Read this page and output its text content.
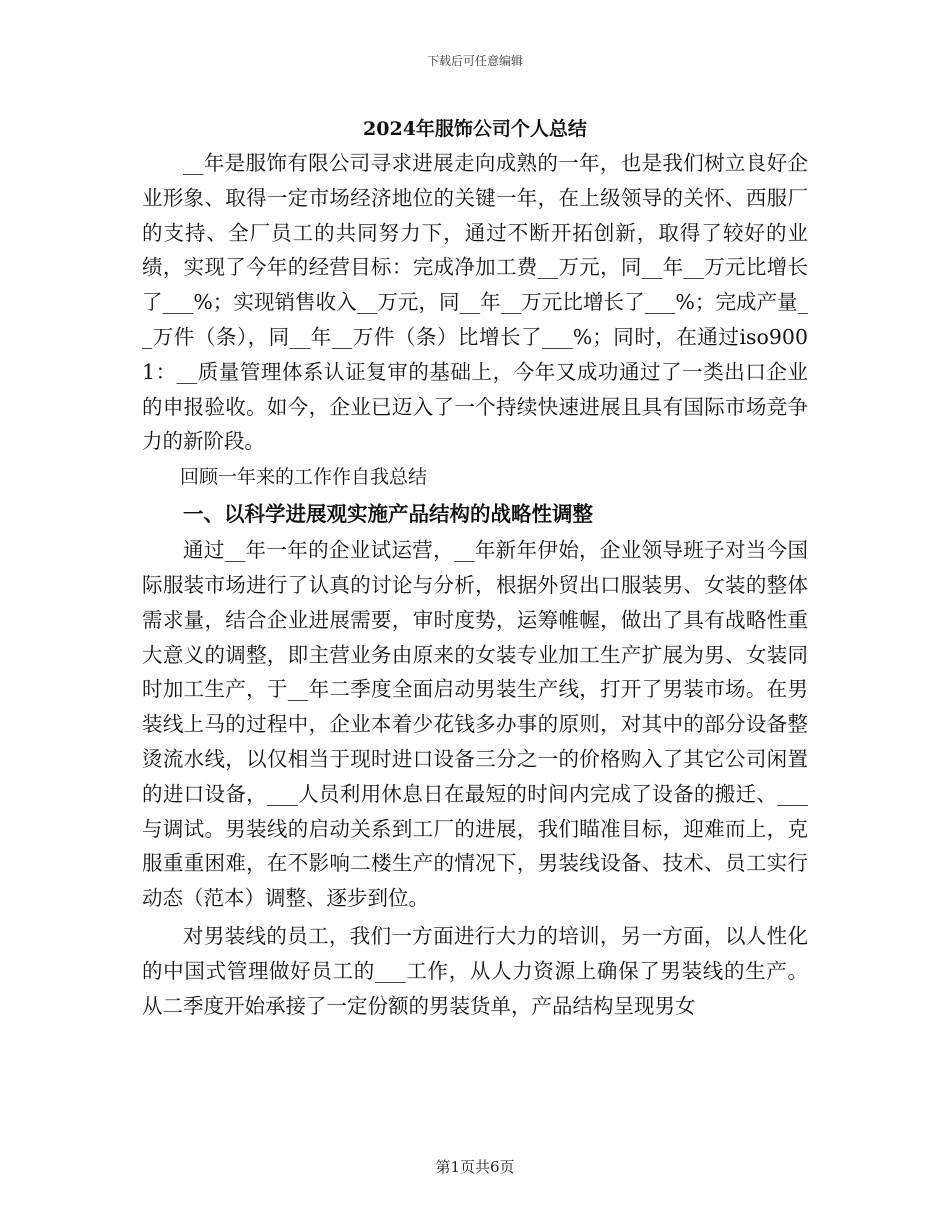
下载后可任意编辑
2024年服饰公司个人总结

__年是服饰有限公司寻求进展走向成熟的一年，也是我们树立良好企业形象、取得一定市场经济地位的关键一年，在上级领导的关怀、西服厂的支持、全厂员工的共同努力下，通过不断开拓创新，取得了较好的业绩，实现了今年的经营目标：完成净加工费__万元，同__年__万元比增长了___%；实现销售收入__万元，同__年__万元比增长了___%；完成产量__万件（条），同__年__万件（条）比增长了___%；同时，在通过iso9001：__质量管理体系认证复审的基础上，今年又成功通过了一类出口企业的申报验收。如今，企业已迈入了一个持续快速进展且具有国际市场竞争力的新阶段。

回顾一年来的工作作自我总结

一、以科学进展观实施产品结构的战略性调整

通过__年一年的企业试运营，__年新年伊始，企业领导班子对当今国际服装市场进行了认真的讨论与分析，根据外贸出口服装男、女装的整体需求量，结合企业进展需要，审时度势，运筹帷幄，做出了具有战略性重大意义的调整，即主营业务由原来的女装专业加工生产扩展为男、女装同时加工生产，于__年二季度全面启动男装生产线，打开了男装市场。在男装线上马的过程中，企业本着少花钱多办事的原则，对其中的部分设备整烫流水线，以仅相当于现时进口设备三分之一的价格购入了其它公司闲置的进口设备，___人员利用休息日在最短的时间内完成了设备的搬迁、___与调试。男装线的启动关系到工厂的进展，我们瞄准目标，迎难而上，克服重重困难，在不影响二楼生产的情况下，男装线设备、技术、员工实行动态（范本）调整、逐步到位。

对男装线的员工，我们一方面进行大力的培训，另一方面，以人性化的中国式管理做好员工的___工作，从人力资源上确保了男装线的生产。从二季度开始承接了一定份额的男装货单，产品结构呈现男女

第1页共6页
